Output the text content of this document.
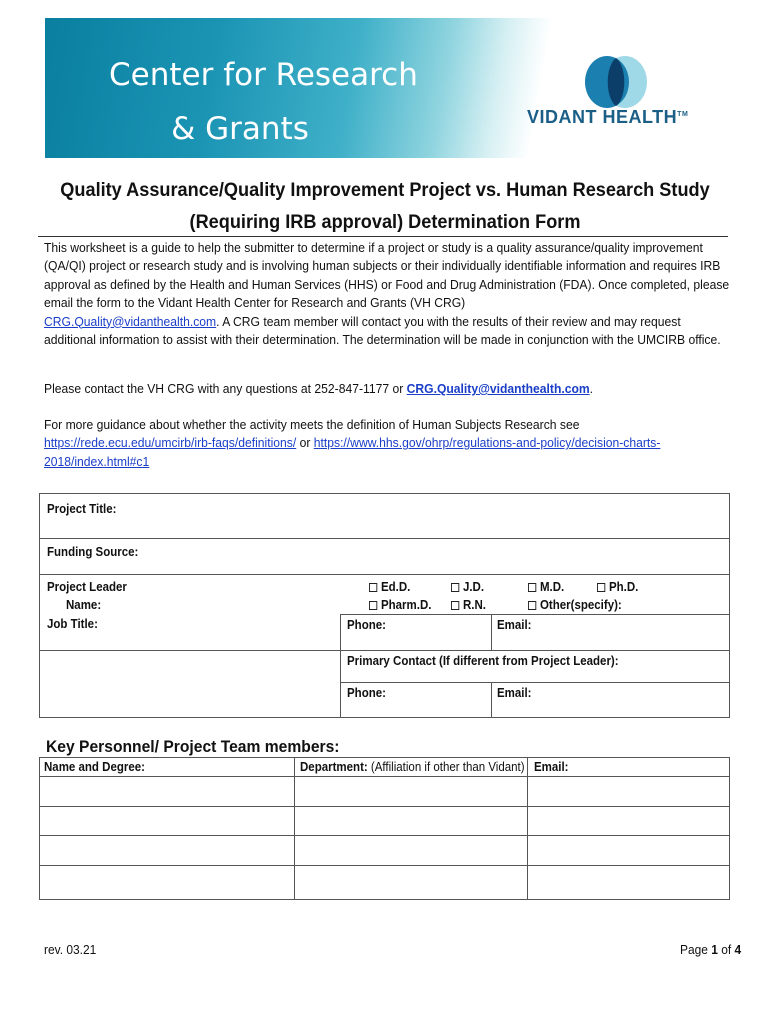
Center for Research
& Grants	VIDANT HEALTH™
Quality Assurance/Quality Improvement Project vs. Human Research Study
(Requiring IRB approval) Determination Form
This worksheet is a guide to help the submitter to determine if a project or study is a quality assurance/quality improvement (QA/QI) project or research study and is involving human subjects or their individually identifiable information and requires IRB approval as defined by the Health and Human Services (HHS) or Food and Drug Administration (FDA). Once completed, please email the form to the Vidant Health Center for Research and Grants (VH CRG)
CRG.Quality@vidanthealth.com. A CRG team member will contact you with the results of their review and may request additional information to assist with their determination. The determination will be made in conjunction with the UMCIRB office.
Please contact the VH CRG with any questions at 252-847-1177 or CRG.Quality@vidanthealth.com.
For more guidance about whether the activity meets the definition of Human Subjects Research see
https://rede.ecu.edu/umcirb/irb-faqs/definitions/ or https://www.hhs.gov/ohrp/regulations-and-policy/decision-charts-2018/index.html#c1
Project Title:
Funding Source:
Project Leader
Name:
Job Title:
Ed.D.	J.D.	M.D.	Ph.D.
Pharm.D.	R.N.	Other(specify):
Phone:	Email:
Primary Contact (If different from Project Leader):
Phone:	Email:
Key Personnel/ Project Team members:
Name and Degree:	Department: (Affiliation if other than Vidant) Email:
rev. 03.21	Page 1 of 4
